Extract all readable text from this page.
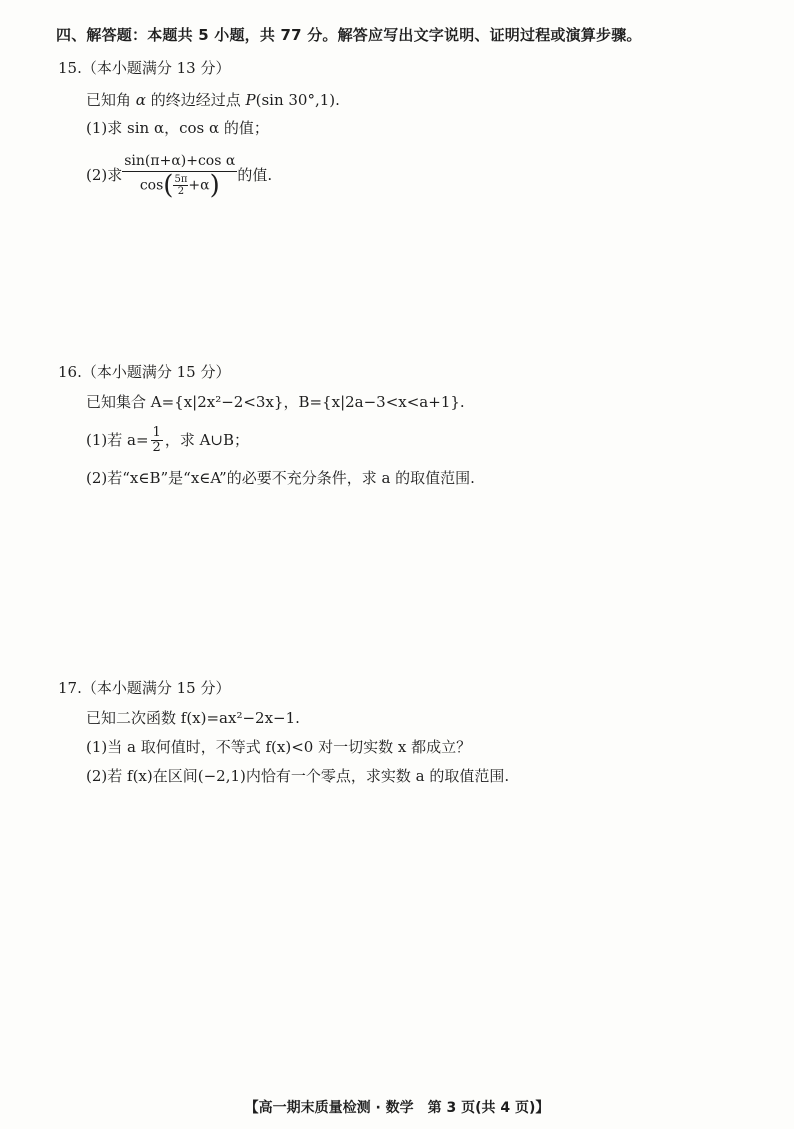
四、解答题：本题共 5 小题，共 77 分。解答应写出文字说明、证明过程或演算步骤。
15.（本小题满分 13 分）
已知角 α 的终边经过点 P(sin 30°,1).
(1)求 sin α，cos α 的值；
(2)求 $\frac{\text{sin(π+α)+cos α}}{\cos( \frac{5\pi}{2} +\alpha)}$ 的值.
16.（本小题满分 15 分）
已知集合 A={x|2x²−2<3x}，B={x|2a−3<x<a+1}.
(1)若 $a= \frac{1}{2}$ ，求 A∪B；
(2)若“x∈B”是“x∈A”的必要不充分条件，求 a 的取值范围.
17.（本小题满分 15 分）
已知二次函数 f(x)=ax²−2x−1.
(1)当 a 取何值时，不等式 f(x)<0 对一切实数 x 都成立？
(2)若 f(x)在区间(−2,1)内恰有一个零点，求实数 a 的取值范围.
【高一期末质量检测 · 数学　第 3 页(共 4 页)】
